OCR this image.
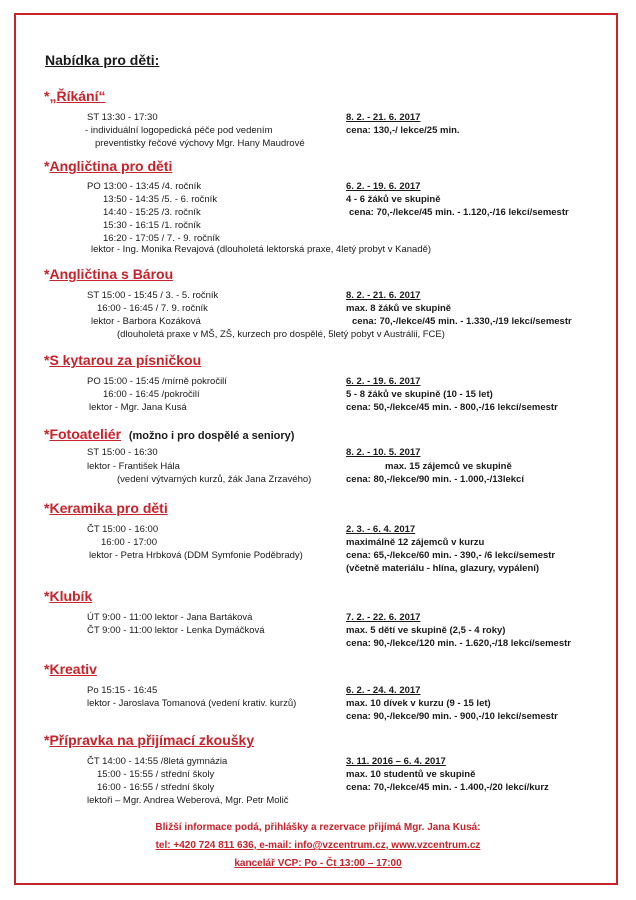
Nabídka pro děti:
*„Říkání“
ST 13:30 - 17:30
- individuální logopedická péče pod vedením
preventistky řečové výchovy Mgr. Hany Maudrové
8. 2. - 21. 6. 2017
cena: 130,-/ lekce/25 min.
*Angličtina pro děti
PO 13:00 - 13:45 /4. ročník
13:50 - 14:35 /5. - 6. ročník
14:40 - 15:25 /3. ročník
15:30 - 16:15 /1. ročník
16:20 - 17:05 / 7. - 9. ročník
lektor - Ing. Monika Revajová (dlouholetá lektorská praxe, 4letý probyt v Kanadě)
6. 2. - 19. 6. 2017
4 - 6 žáků ve skupině
cena: 70,-/lekce/45 min. - 1.120,-/16 lekcí/semestr
*Angličtina s Bárou
ST 15:00 - 15:45 / 3. - 5. ročník
16:00 - 16:45 / 7. 9. ročník
lektor - Barbora Kozáková
(dlouholetá praxe v MŠ, ZŠ, kurzech pro dospělé, 5letý pobyt v Austrálii, FCE)
8. 2. - 21. 6. 2017
max. 8 žáků ve skupině
cena: 70,-/lekce/45 min. - 1.330,-/19 lekcí/semestr
*S kytarou za písničkou
PO 15:00 - 15:45 /mírně pokročilí
16:00 - 16:45 /pokročilí
lektor - Mgr. Jana Kusá
6. 2. - 19. 6. 2017
5 - 8 žáků ve skupině (10 - 15 let)
cena: 50,-/lekce/45 min. - 800,-/16 lekcí/semestr
*Fotoateliér (možno i pro dospělé a seniory)
ST 15:00 - 16:30
lektor - František Hála
(vedení výtvarných kurzů, žák Jana Zrzavého)
8. 2. - 10. 5. 2017
max. 15 zájemců ve skupině
cena: 80,-/lekce/90 min. - 1.000,-/13lekcí
*Keramika pro děti
ČT 15:00 - 16:00
16:00 - 17:00
lektor - Petra Hrbková (DDM Symfonie Poděbrady)
2. 3. - 6. 4. 2017
maximálně 12 zájemců v kurzu
cena: 65,-/lekce/60 min. - 390,- /6 lekcí/semestr
(včetně materiálu - hlína, glazury, vypálení)
*Klubík
ÚT 9:00 - 11:00 lektor - Jana Bartáková
ČT 9:00 - 11:00 lektor - Lenka Dymáčková
7. 2. - 22. 6. 2017
max. 5 dětí ve skupině (2,5 - 4 roky)
cena: 90,-/lekce/120 min. - 1.620,-/18 lekcí/semestr
*Kreativ
Po 15:15 - 16:45
lektor - Jaroslava Tomanová (vedení krativ. kurzů)
6. 2. - 24. 4. 2017
max. 10 dívek v kurzu (9 - 15 let)
cena: 90,-/lekce/90 min. - 900,-/10 lekcí/semestr
*Přípravka na přijímací zkoušky
ČT 14:00 - 14:55 /8letá gymnázia
15:00 - 15:55 / střední školy
16:00 - 16:55 / střední školy
lektoři – Mgr. Andrea Weberová, Mgr. Petr Molič
3. 11. 2016 – 6. 4. 2017
max. 10 studentů ve skupině
cena: 70,-/lekce/45 min. - 1.400,-/20 lekcí/kurz
Bližší informace podá, přihlášky a rezervace přijímá Mgr. Jana Kusá:
tel: +420 724 811 636, e-mail: info@vzcentrum.cz, www.vzcentrum.cz
kancelář VCP: Po - Čt 13:00 – 17:00
